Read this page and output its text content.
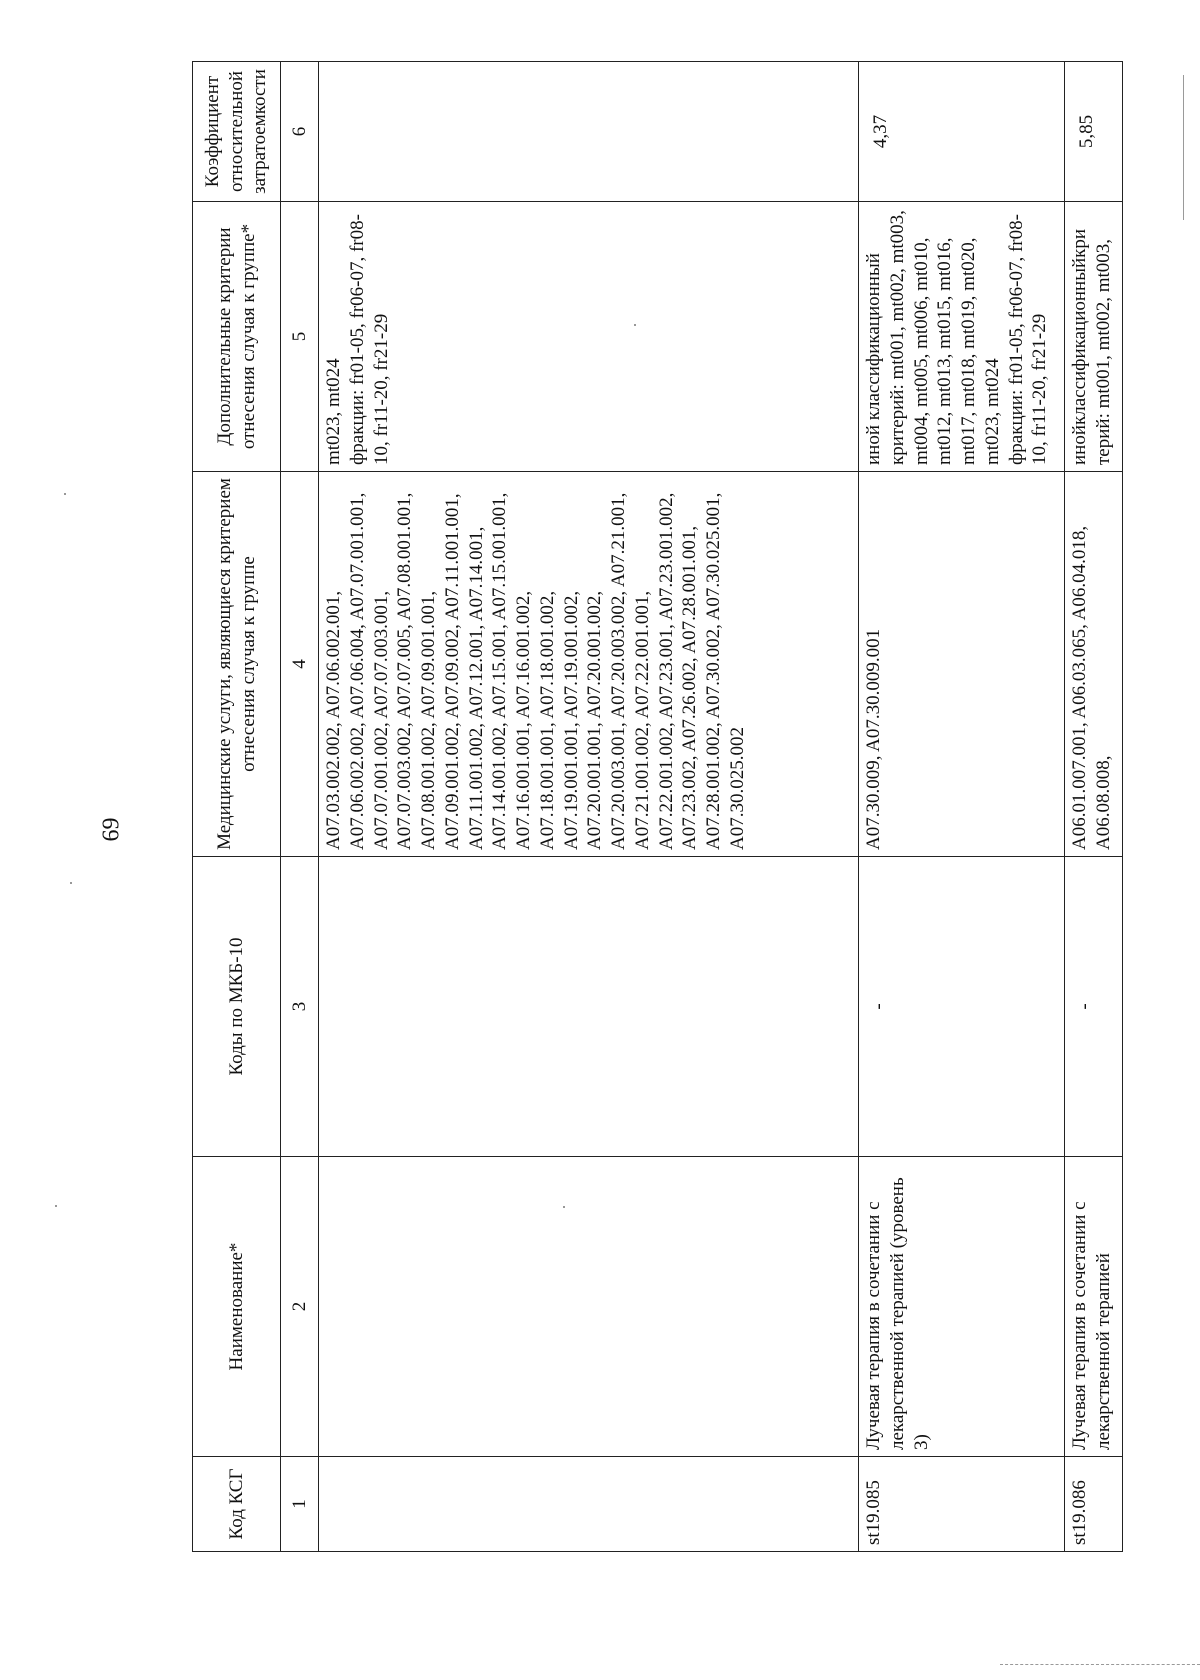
69
Код КСГ	Наименование*	Коды по МКБ-10	Медицинские услуги, являющиеся критерием отнесения случая к группе	Дополнительные критерии отнесения случая к группе*	Коэффициент относительной затратоемкости
1	2	3	4	5	6
			A07.03.002.002, A07.06.002.001, A07.06.002.002, A07.06.004, A07.07.001.001, A07.07.001.002, A07.07.003.001, A07.07.003.002, A07.07.005, A07.08.001.001, A07.08.001.002, A07.09.001.001, A07.09.001.002, A07.09.002, A07.11.001.001, A07.11.001.002, A07.12.001, A07.14.001, A07.14.001.002, A07.15.001, A07.15.001.001, A07.16.001.001, A07.16.001.002, A07.18.001.001, A07.18.001.002, A07.19.001.001, A07.19.001.002, A07.20.001.001, A07.20.001.002, A07.20.003.001, A07.20.003.002, A07.21.001, A07.21.001.002, A07.22.001.001, A07.22.001.002, A07.23.001, A07.23.001.002, A07.23.002, A07.26.002, A07.28.001.001, A07.28.001.002, A07.30.002, A07.30.025.001, A07.30.025.002	mt023, mt024
фракции: fr01-05, fr06-07, fr08-10, fr11-20, fr21-29	
st19.085	Лучевая терапия в сочетании с лекарственной терапией (уровень 3)	-	A07.30.009, A07.30.009.001	иной классификационный критерий: mt001, mt002, mt003, mt004, mt005, mt006, mt010, mt012, mt013, mt015, mt016, mt017, mt018, mt019, mt020, mt023, mt024
фракции: fr01-05, fr06-07, fr08-10, fr11-20, fr21-29	4,37
st19.086	Лучевая терапия в сочетании с лекарственной терапией	-	A06.01.007.001, A06.03.065, A06.04.018, A06.08.008,	инойклассификационныйкри терий: mt001, mt002, mt003,	5,85
